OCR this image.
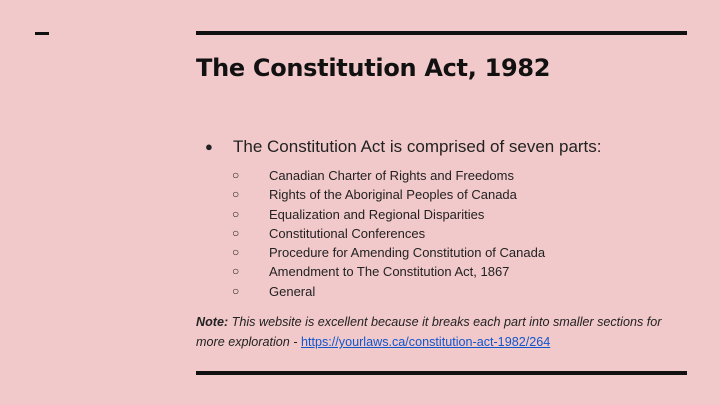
The Constitution Act, 1982
● The Constitution Act is comprised of seven parts:
○ Canadian Charter of Rights and Freedoms
○ Rights of the Aboriginal Peoples of Canada
○ Equalization and Regional Disparities
○ Constitutional Conferences
○ Procedure for Amending Constitution of Canada
○ Amendment to The Constitution Act, 1867
○ General

Note: This website is excellent because it breaks each part into smaller sections for more exploration - https://yourlaws.ca/constitution-act-1982/264
